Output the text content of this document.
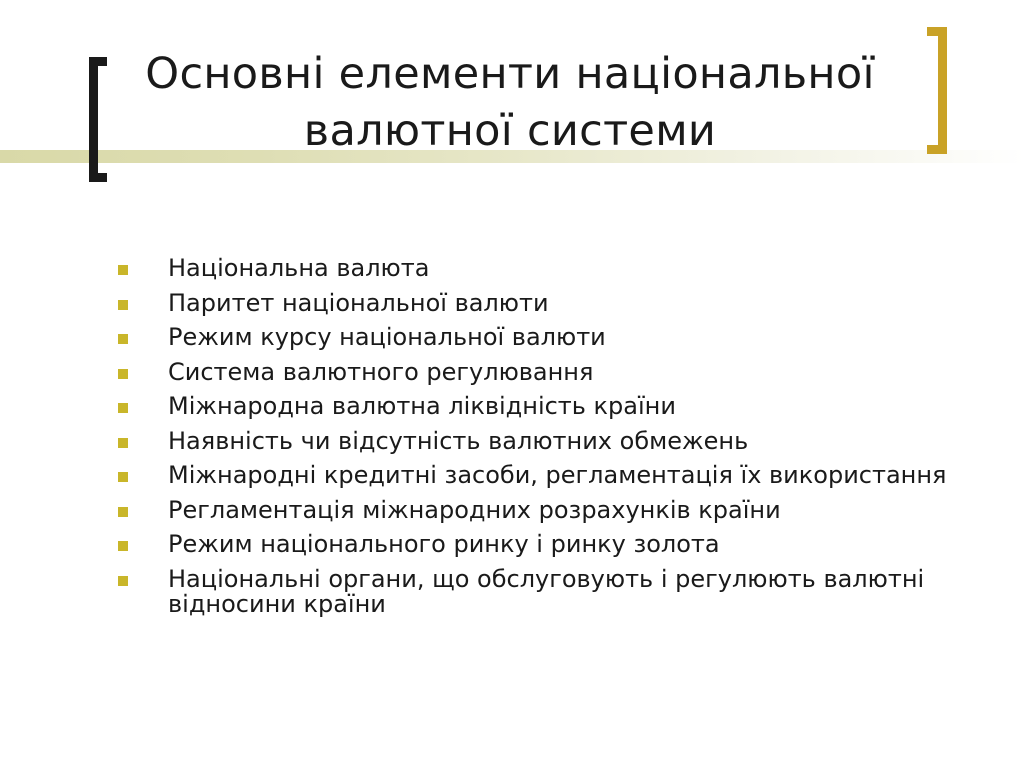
Основні елементи національної
валютної системи
Національна валюта
Паритет національної валюти
Режим курсу національної валюти
Система валютного регулювання
Міжнародна валютна ліквідність країни
Наявність чи відсутність валютних обмежень
Міжнародні кредитні засоби, регламентація їх використання
Регламентація міжнародних розрахунків країни
Режим національного ринку і ринку золота
Національні органи, що обслуговують і регулюють валютні відносини країни
